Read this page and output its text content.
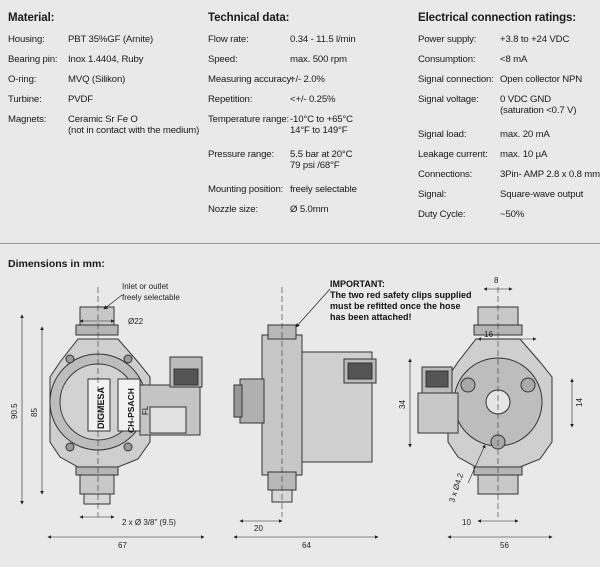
Material:
Housing: PBT 35%GF (Arnite)
Bearing pin: Inox 1.4404, Ruby
O-ring:	MVQ (Silikon)
Turbine:	PVDF
Magnets: Ceramic Sr Fe O
(not in contact with the medium)
Technical data:
Flow rate:	0.34 - 11.5 l/min
Speed:	max. 500 rpm
Measuring accuracy:
+/- 2.0%
Repetition:	<+/- 0.25%
Temperature range: -10°C to +65°C
14°F to 149°F
Pressure range: 5.5 bar at 20°C
79 psi /68°F
Mounting position: freely selectable
Nozzle size:	Ø 5.0mm
Electrical connection ratings:
Power supply: +3.8 to +24 VDC
Consumption:	<8 mA
Signal connection: Open collector NPN
Signal voltage: 0 VDC GND
(saturation <0.7 V)
Signal load:	max. 20 mA
Leakage current: max. 10 µA
Connections:	3Pin- AMP 2.8 x 0.8 mm
Signal:	Square-wave output
Duty Cycle:	~50%
Dimensions in mm:
DIGMESA CH-PSACH FL
Inlet or outlet
freely selectable
Ø22
90.5 85
2 x Ø 3/8" (9.5)
67
20
64
IMPORTANT:
The two red safety clips supplied
must be refitted once the hose
has been attached!
8
16
34	14
3 x Ø4.2
10
56
